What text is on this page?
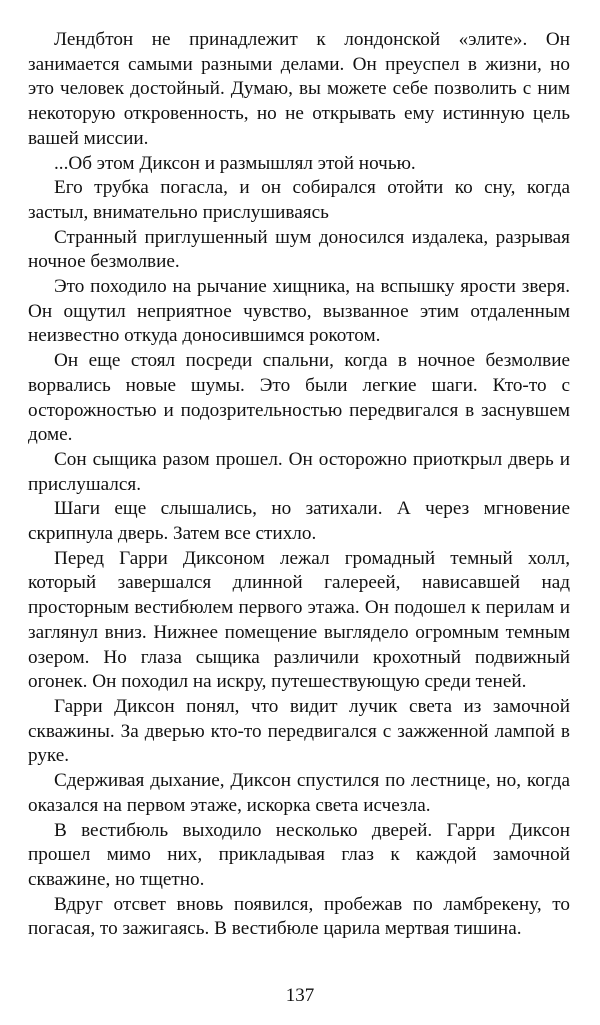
Лендбтон не принадлежит к лондонской «элите». Он занимается самыми разными делами. Он преуспел в жизни, но это человек достойный. Думаю, вы можете себе позволить с ним некоторую откровенность, но не открывать ему истинную цель вашей миссии.

...Об этом Диксон и размышлял этой ночью.

Его трубка погасла, и он собирался отойти ко сну, когда застыл, внимательно прислушиваясь

Странный приглушенный шум доносился издалека, разрывая ночное безмолвие.

Это походило на рычание хищника, на вспышку ярости зверя. Он ощутил неприятное чувство, вызванное этим отдаленным неизвестно откуда доносившимся рокотом.

Он еще стоял посреди спальни, когда в ночное безмолвие ворвались новые шумы. Это были легкие шаги. Кто-то с осторожностью и подозрительностью передвигался в заснувшем доме.

Сон сыщика разом прошел. Он осторожно приоткрыл дверь и прислушался.

Шаги еще слышались, но затихали. А через мгновение скрипнула дверь. Затем все стихло.

Перед Гарри Диксоном лежал громадный темный холл, который завершался длинной галереей, нависавшей над просторным вестибюлем первого этажа. Он подошел к перилам и заглянул вниз. Нижнее помещение выглядело огромным темным озером. Но глаза сыщика различили крохотный подвижный огонек. Он походил на искру, путешествующую среди теней.

Гарри Диксон понял, что видит лучик света из замочной скважины. За дверью кто-то передвигался с зажженной лампой в руке.

Сдерживая дыхание, Диксон спустился по лестнице, но, когда оказался на первом этаже, искорка света исчезла.

В вестибюль выходило несколько дверей. Гарри Диксон прошел мимо них, прикладывая глаз к каждой замочной скважине, но тщетно.

Вдруг отсвет вновь появился, пробежав по ламбрекену, то погасая, то зажигаясь. В вестибюле царила мертвая тишина.

137
